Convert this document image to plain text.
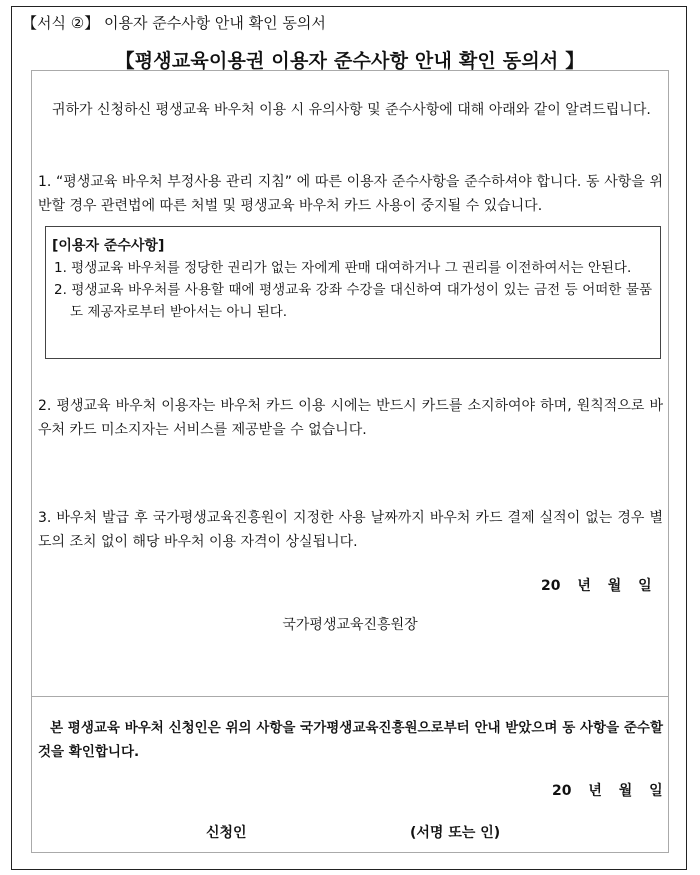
【서식 ②】 이용자 준수사항 안내 확인 동의서
【평생교육이용권 이용자 준수사항 안내 확인 동의서 】
귀하가 신청하신 평생교육 바우처 이용 시 유의사항 및 준수사항에 대해 아래와 같이 알려드립니다.
1. “평생교육 바우처 부정사용 관리 지침” 에 따른 이용자 준수사항을 준수하셔야 합니다. 동 사항을 위반할 경우 관련법에 따른 처벌 및 평생교육 바우처 카드 사용이 중지될 수 있습니다.
[이용자 준수사항]
1. 평생교육 바우처를 정당한 권리가 없는 자에게 판매 대여하거나 그 권리를 이전하여서는 안된다.
2. 평생교육 바우처를 사용할 때에 평생교육 강좌 수강을 대신하여 대가성이 있는 금전 등 어떠한 물품도 제공자로부터 받아서는 아니 된다.
2. 평생교육 바우처 이용자는 바우처 카드 이용 시에는 반드시 카드를 소지하여야 하며, 원칙적으로 바우처 카드 미소지자는 서비스를 제공받을 수 없습니다.
3. 바우처 발급 후 국가평생교육진흥원이 지정한 사용 날짜까지 바우처 카드 결제 실적이 없는 경우 별도의 조치 없이 해당 바우처 이용 자격이 상실됩니다.
20 년 월 일
국가평생교육진흥원장
본 평생교육 바우처 신청인은 위의 사항을 국가평생교육진흥원으로부터 안내 받았으며 동 사항을 준수할 것을 확인합니다.
20 년 월 일
신청인	(서명 또는 인)
